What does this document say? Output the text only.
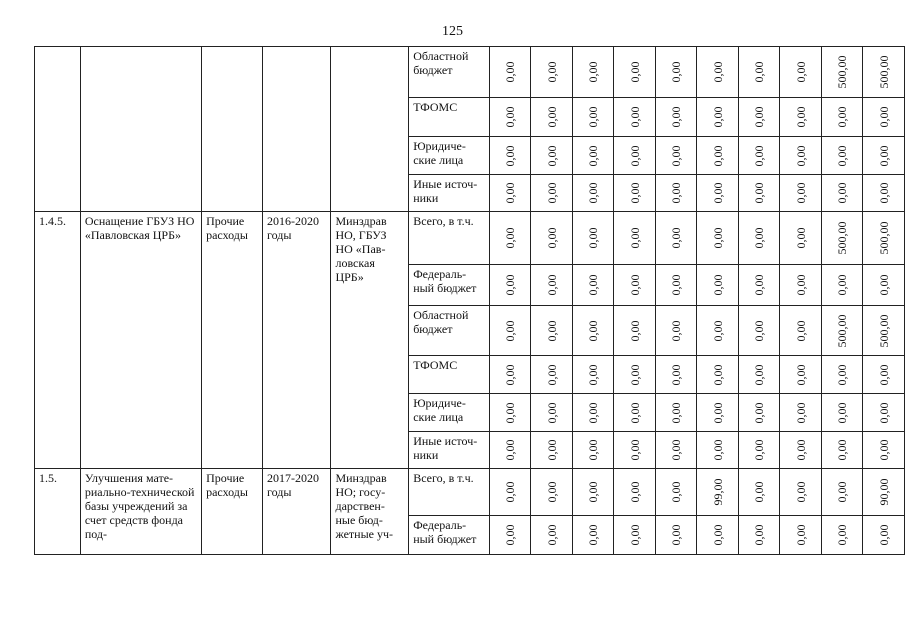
125
					Областной бюджет	0,00	0,00	0,00	0,00	0,00	0,00	0,00	0,00	500,00	500,00

					ТФОМС	0,00	0,00	0,00	0,00	0,00	0,00	0,00	0,00	0,00	0,00

					Юридиче-ские лица	0,00	0,00	0,00	0,00	0,00	0,00	0,00	0,00	0,00	0,00

					Иные источ-ники	0,00	0,00	0,00	0,00	0,00	0,00	0,00	0,00	0,00	0,00

1.4.5.	Оснащение ГБУЗ НО «Павловская ЦРБ»	Прочие расходы	2016-2020 годы	Минздрав НО, ГБУЗ НО «Пав-ловская ЦРБ»	Всего, в т.ч.	0,00	0,00	0,00	0,00	0,00	0,00	0,00	0,00	500,00	500,00

					Федераль-ный бюджет	0,00	0,00	0,00	0,00	0,00	0,00	0,00	0,00	0,00	0,00

					Областной бюджет	0,00	0,00	0,00	0,00	0,00	0,00	0,00	0,00	500,00	500,00

					ТФОМС	0,00	0,00	0,00	0,00	0,00	0,00	0,00	0,00	0,00	0,00

					Юридиче-ские лица	0,00	0,00	0,00	0,00	0,00	0,00	0,00	0,00	0,00	0,00

					Иные источ-ники	0,00	0,00	0,00	0,00	0,00	0,00	0,00	0,00	0,00	0,00

1.5.	Улучшения мате-риально-технической базы учреждений за счет средств фонда под-	Прочие расходы	2017-2020 годы	Минздрав НО; госу-дарствен-ные бюд-жетные уч-	Всего, в т.ч.	0,00	0,00	0,00	0,00	0,00	99,00	0,00	0,00	0,00	90,00

					Федераль-ный бюджет	0,00	0,00	0,00	0,00	0,00	0,00	0,00	0,00	0,00	0,00
